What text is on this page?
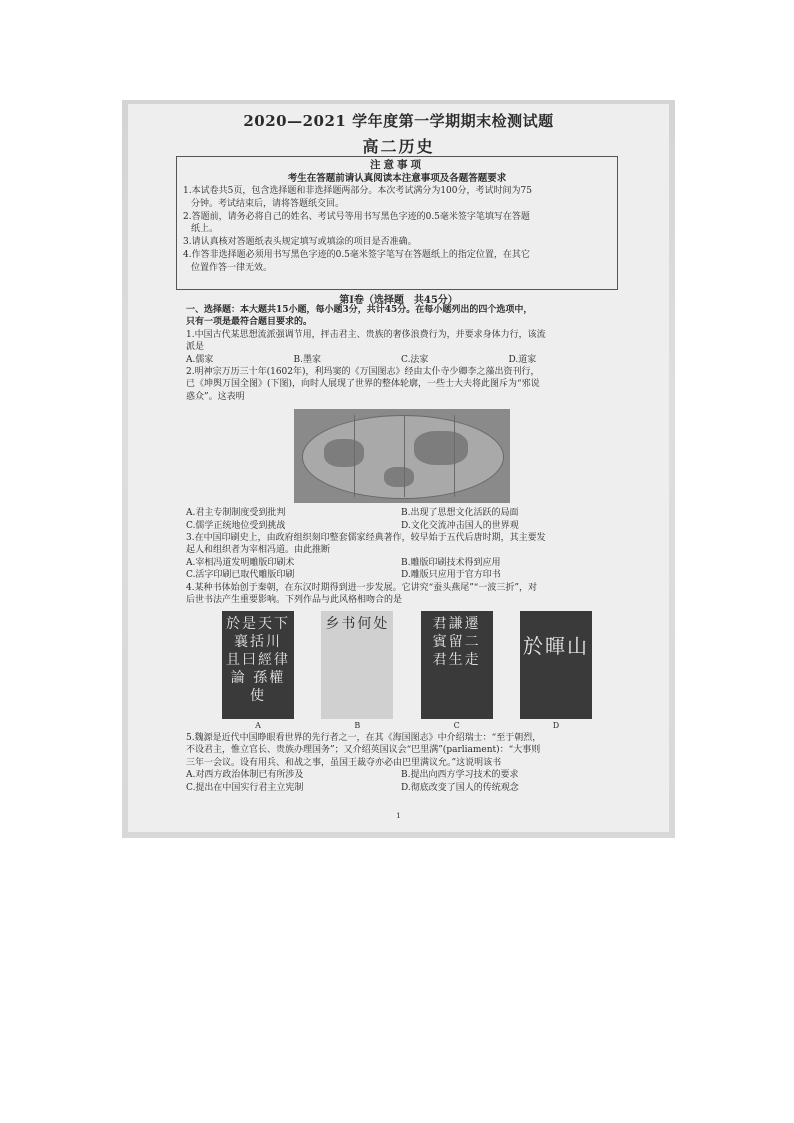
2020—2021 学年度第一学期期末检测试题
高二历史
注意事项
考生在答题前请认真阅读本注意事项及各题答题要求
1.本试卷共5页，包含选择题和非选择题两部分。本次考试满分为100分，考试时间为75
分钟。考试结束后，请将答题纸交回。
2.答题前，请务必将自己的姓名、考试号等用书写黑色字迹的0.5毫米签字笔填写在答题
纸上。
3.请认真核对答题纸表头规定填写或填涂的项目是否准确。
4.作答非选择题必须用书写黑色字迹的0.5毫米签字笔写在答题纸上的指定位置，在其它
位置作答一律无效。
第Ⅰ卷（选择题　共45分）
一、选择题：本大题共15小题，每小题3分，共计45分。在每小题列出的四个选项中，
只有一项是最符合题目要求的。
1.中国古代某思想流派强调节用，抨击君主、贵族的奢侈浪费行为，并要求身体力行，该流
派是
A.儒家	B.墨家	C.法家	D.道家
2.明神宗万历三十年(1602年)，利玛窦的《万国图志》经由太仆寺少卿李之藻出资刊行，
已《坤舆万国全图》(下图)，向时人展现了世界的整体轮廓，一些士大夫将此图斥为“邪说
惑众”。这表明
A.君主专制制度受到批判	B.出现了思想文化活跃的局面
C.儒学正统地位受到挑战	D.文化交流冲击国人的世界观
3.在中国印刷史上，由政府组织刻印整套儒家经典著作，较早始于五代后唐时期，其主要发
起人和组织者为宰相冯道。由此推断
A.宰相冯道发明雕版印刷术	B.雕版印刷技术得到应用
C.活字印刷已取代雕版印刷	D.雕版只应用于官方印书
4.某种书体始创于秦朝，在东汉时期得到进一步发展。它讲究“蚕头燕尾”“一波三折”，对
后世书法产生重要影响。下列作品与此风格相吻合的是
於是天下襄括川 且曰經律論 孫權使
乡书何处	君謙遷 賓留二 君生走
於暉山
A	B	C	D
5.魏源是近代中国睁眼看世界的先行者之一，在其《海国图志》中介绍瑞士：“至于朝烈，
不设君主，惟立官长、贵族办理国务”；又介绍英国议会“巴里满”(parliament)：“大事则
三年一会议。设有用兵、和战之事，虽国王裁夺亦必由巴里满议允。”这说明该书
A.对西方政治体制已有所涉及	B.提出向西方学习技术的要求
C.提出在中国实行君主立宪制	D.彻底改变了国人的传统观念
1
